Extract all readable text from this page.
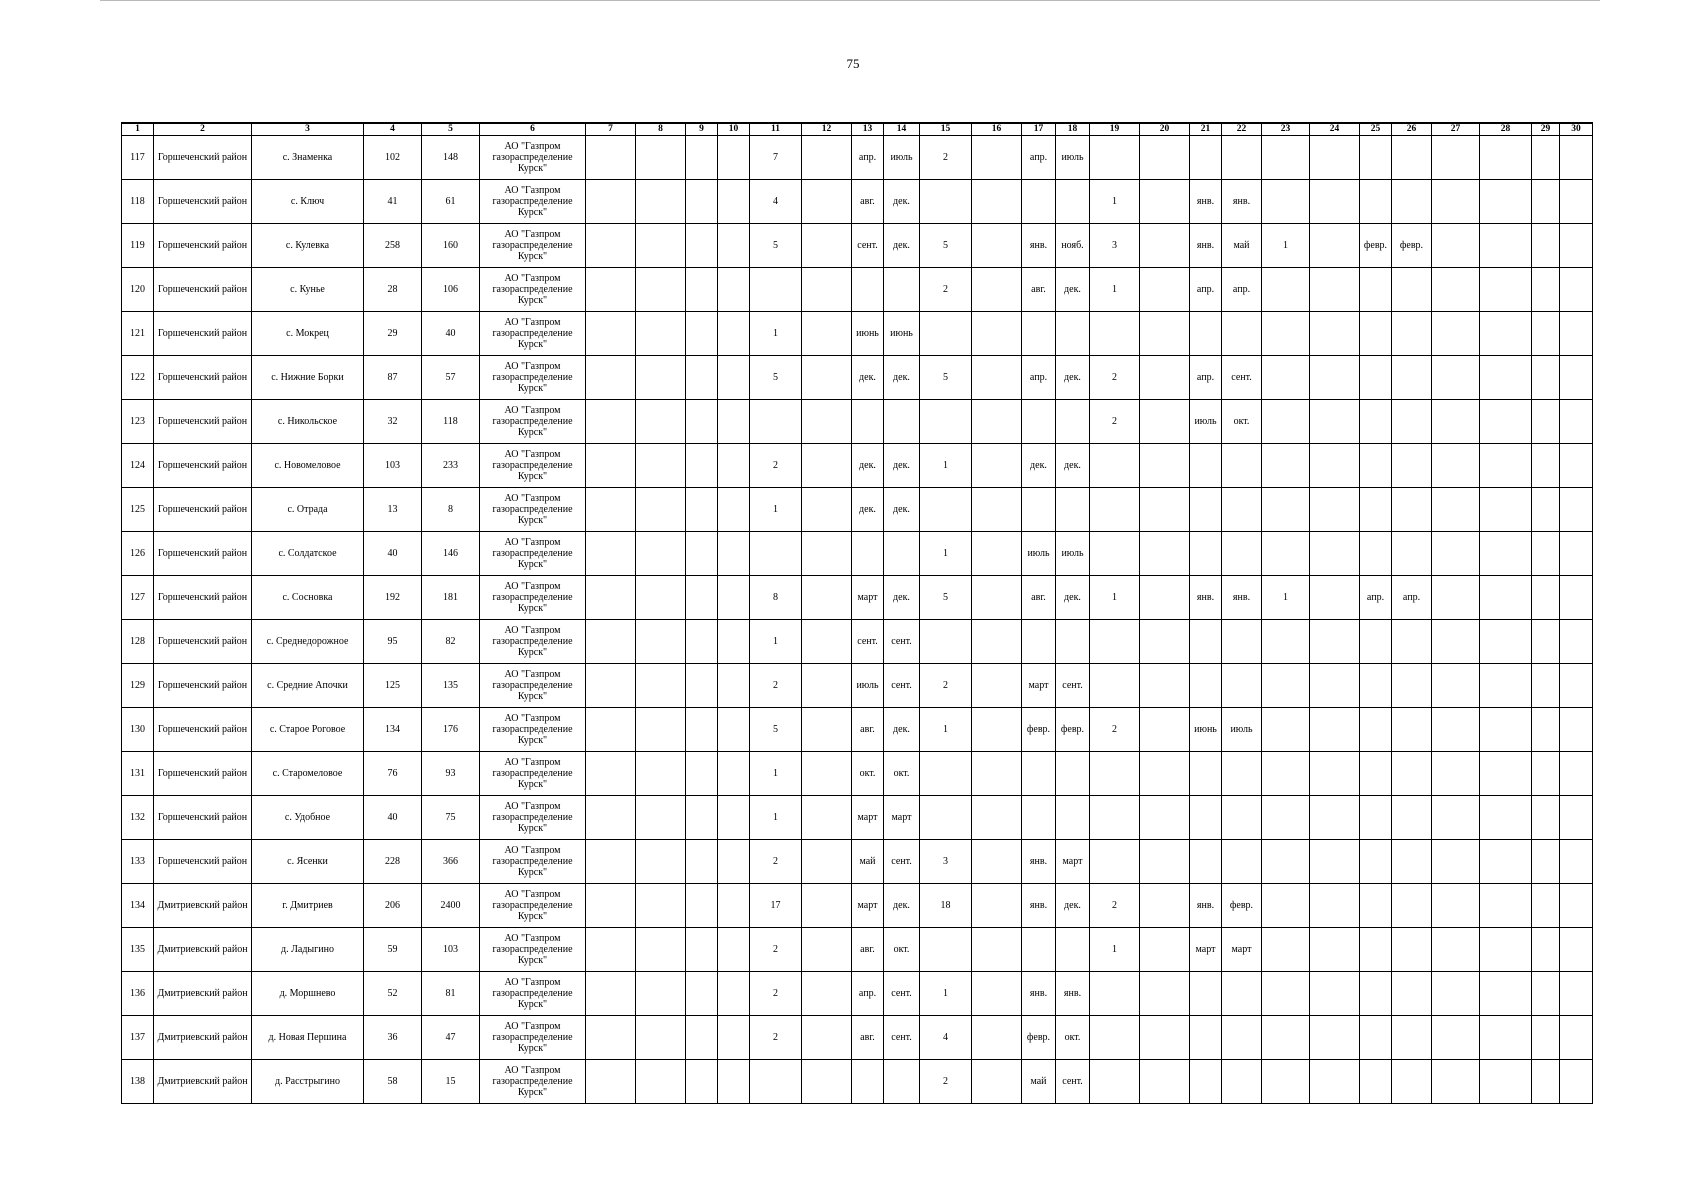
75
1	2	3	4	5	6	7	8	9	10	11	12	13	14	15	16	17	18	19	20	21	22	23	24	25	26	27	28	29	30
117	Горшеченский район	с. Знаменка	102	148	АО "Газпром газораспределение Курск"					7		апр.	июль	2		апр.	июль												
118	Горшеченский район	с. Ключ	41	61	АО "Газпром газораспределение Курск"					4		авг.	дек.					1		янв.	янв.								
119	Горшеченский район	с. Кулевка	258	160	АО "Газпром газораспределение Курск"					5		сент.	дек.	5		янв.	нояб.	3		янв.	май	1		февр.	февр.				
120	Горшеченский район	с. Кунье	28	106	АО "Газпром газораспределение Курск"									2		авг.	дек.	1		апр.	апр.								
121	Горшеченский район	с. Мокрец	29	40	АО "Газпром газораспределение Курск"					1		июнь	июнь																
122	Горшеченский район	с. Нижние Борки	87	57	АО "Газпром газораспределение Курск"					5		дек.	дек.	5		апр.	дек.	2		апр.	сент.								
123	Горшеченский район	с. Никольское	32	118	АО "Газпром газораспределение Курск"													2		июль	окт.								
124	Горшеченский район	с. Новомеловое	103	233	АО "Газпром газораспределение Курск"					2		дек.	дек.	1		дек.	дек.												
125	Горшеченский район	с. Отрада	13	8	АО "Газпром газораспределение Курск"					1		дек.	дек.																
126	Горшеченский район	с. Солдатское	40	146	АО "Газпром газораспределение Курск"									1		июль	июль												
127	Горшеченский район	с. Сосновка	192	181	АО "Газпром газораспределение Курск"					8		март	дек.	5		авг.	дек.	1		янв.	янв.	1		апр.	апр.				
128	Горшеченский район	с. Среднедорожное	95	82	АО "Газпром газораспределение Курск"					1		сент.	сент.																
129	Горшеченский район	с. Средние Апочки	125	135	АО "Газпром газораспределение Курск"					2		июль	сент.	2		март	сент.												
130	Горшеченский район	с. Старое Роговое	134	176	АО "Газпром газораспределение Курск"					5		авг.	дек.	1		февр.	февр.	2		июнь	июль								
131	Горшеченский район	с. Старомеловое	76	93	АО "Газпром газораспределение Курск"					1		окт.	окт.																
132	Горшеченский район	с. Удобное	40	75	АО "Газпром газораспределение Курск"					1		март	март																
133	Горшеченский район	с. Ясенки	228	366	АО "Газпром газораспределение Курск"					2		май	сент.	3		янв.	март												
134	Дмитриевский район	г. Дмитриев	206	2400	АО "Газпром газораспределение Курск"					17		март	дек.	18		янв.	дек.	2		янв.	февр.								
135	Дмитриевский район	д. Ладыгино	59	103	АО "Газпром газораспределение Курск"					2		авг.	окт.					1		март	март								
136	Дмитриевский район	д. Моршнево	52	81	АО "Газпром газораспределение Курск"					2		апр.	сент.	1		янв.	янв.												
137	Дмитриевский район	д. Новая Першина	36	47	АО "Газпром газораспределение Курск"					2		авг.	сент.	4		февр.	окт.												
138	Дмитриевский район	д. Расстрыгино	58	15	АО "Газпром газораспределение Курск"									2		май	сент.												
